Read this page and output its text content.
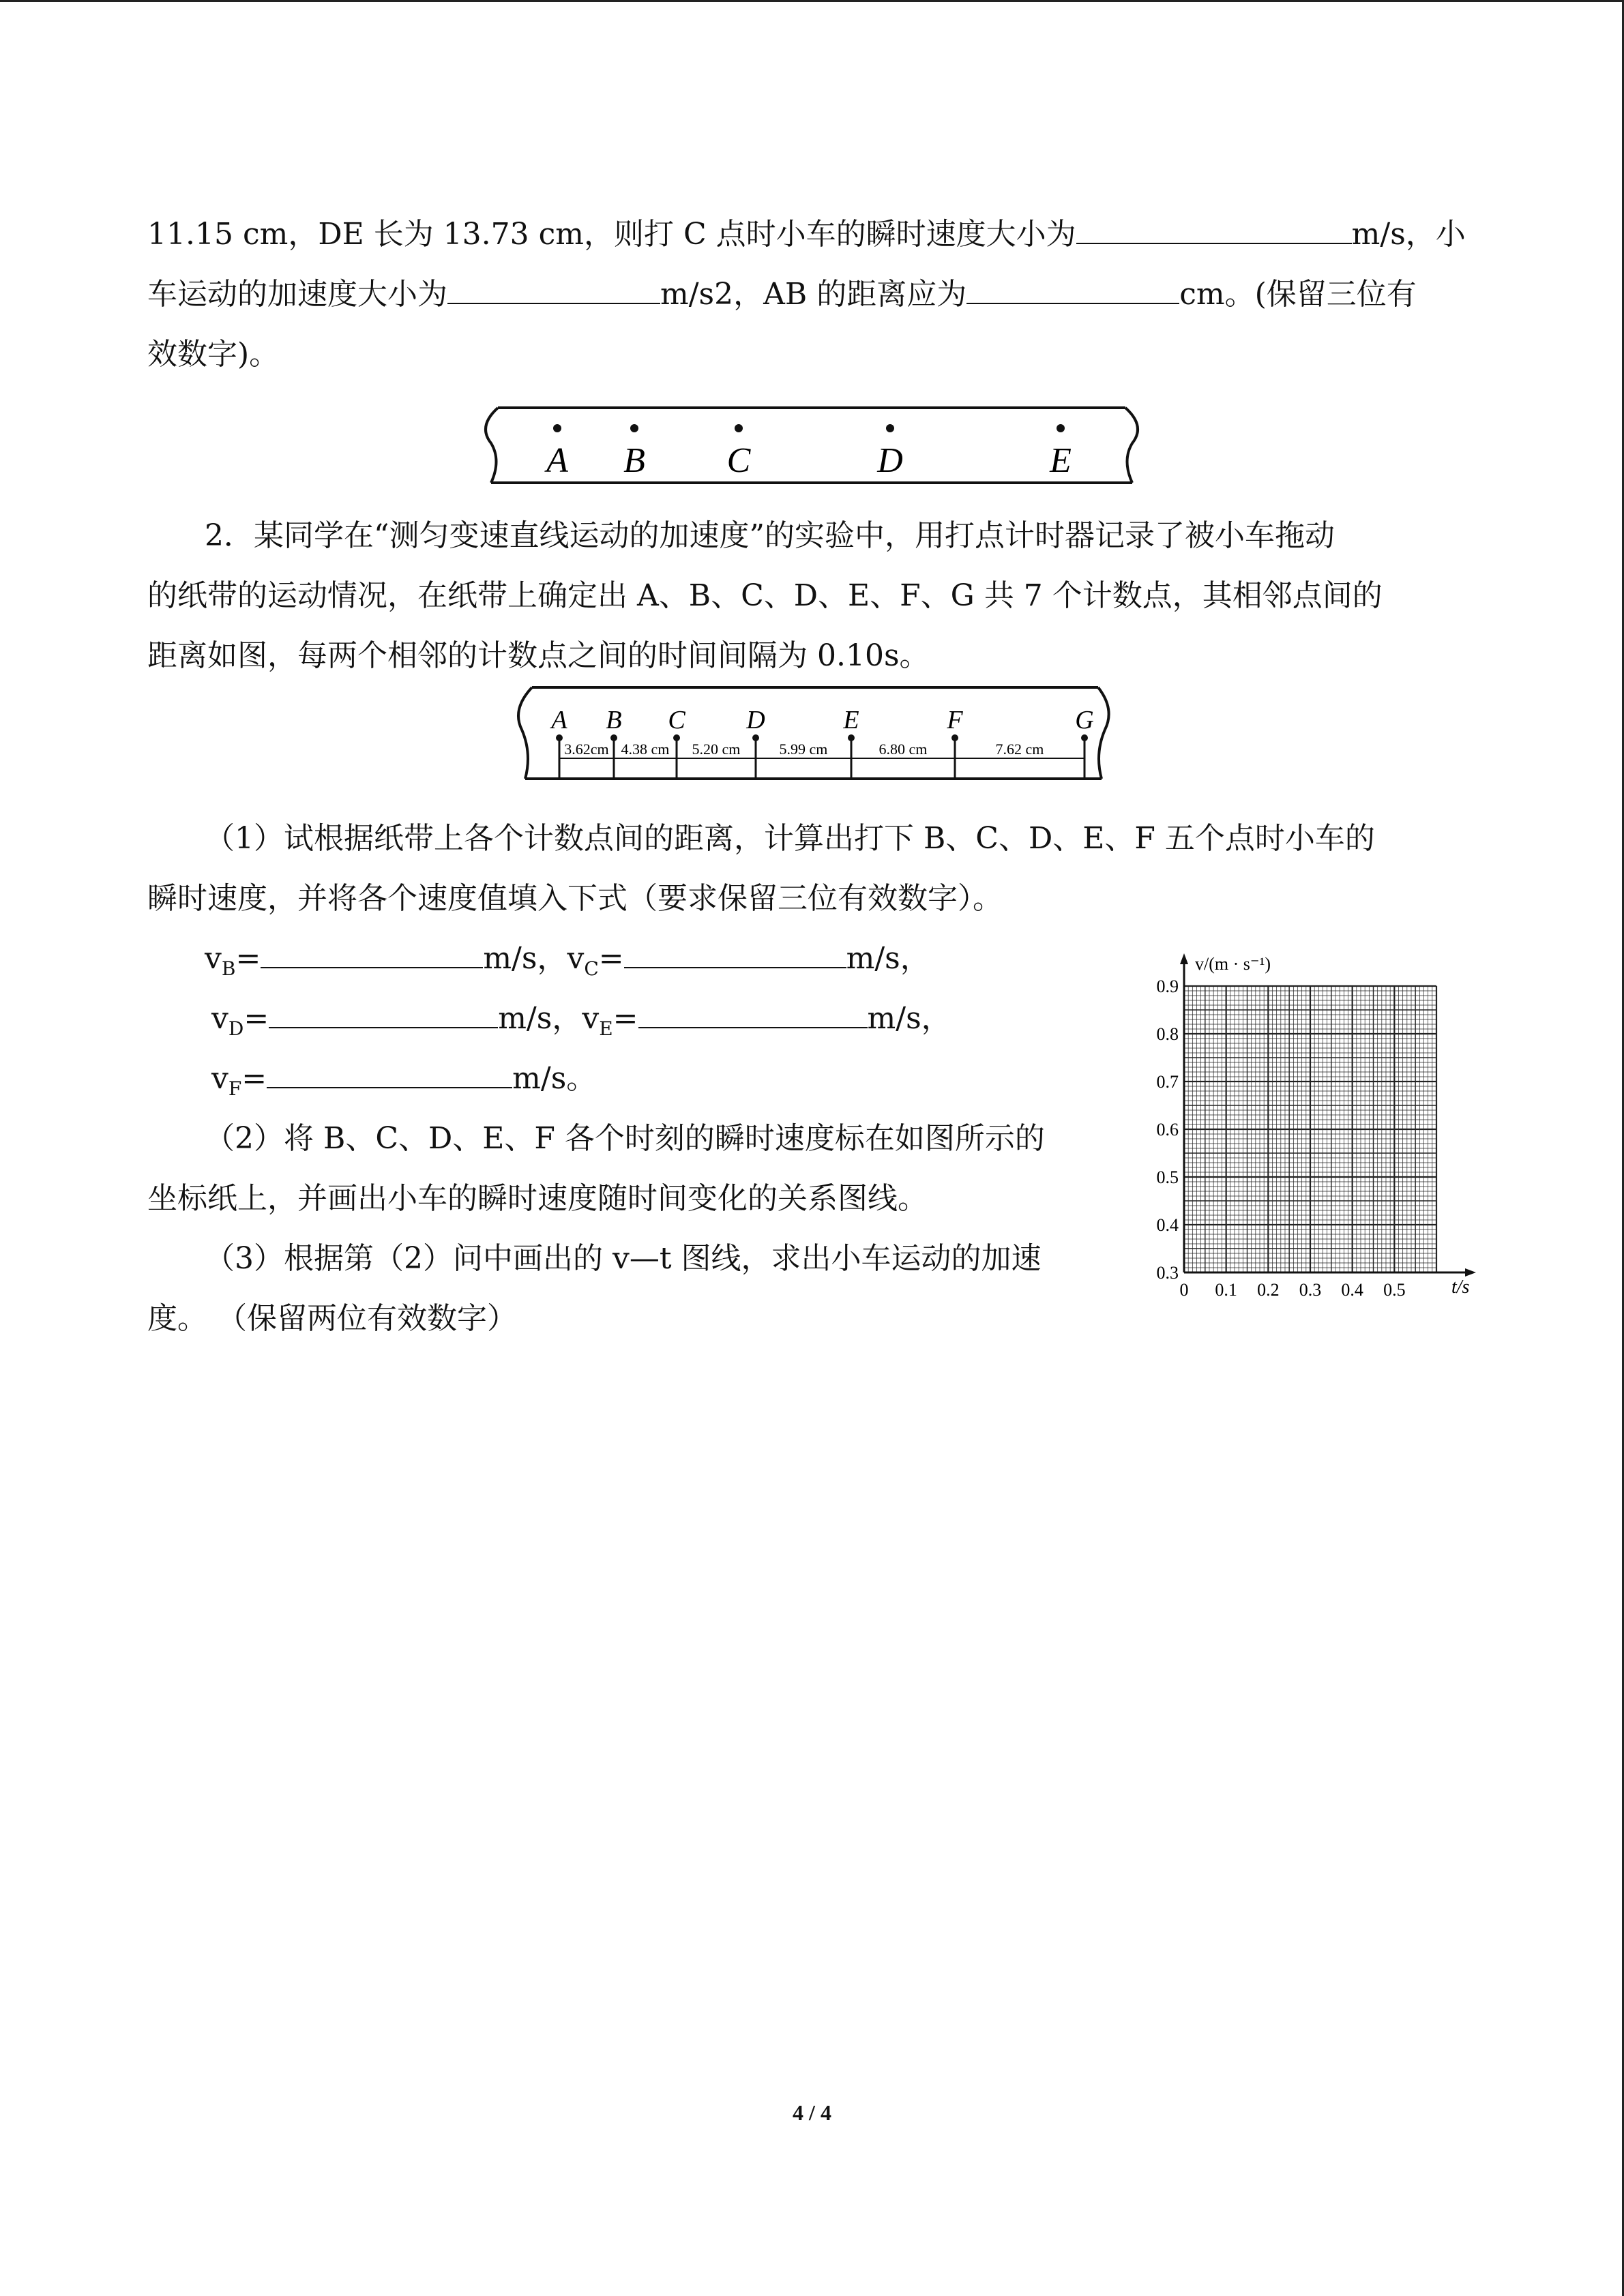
11.15 cm，DE 长为 13.73 cm，则打 C 点时小车的瞬时速度大小为	m/s，小
车运动的加速度大小为	m/s2，AB 的距离应为	cm。(保留三位有
效数字)。
A B C	D	E
2．某同学在“测匀变速直线运动的加速度”的实验中，用打点计时器记录了被小车拖动
的纸带的运动情况，在纸带上确定出 A、B、C、D、E、F、G 共 7 个计数点，其相邻点间的
距离如图，每两个相邻的计数点之间的时间间隔为 0.10s。
A B C D	E	F	G
3.62cm 4.38 cm 5.20 cm	5.99 cm	6.80 cm	7.62 cm
（1）试根据纸带上各个计数点间的距离，计算出打下 B、C、D、E、F 五个点时小车的
瞬时速度，并将各个速度值填入下式（要求保留三位有效数字）。
$v_B=$	m/s，$v_C=$	m/s，
$v_D=$	m/s，$v_E=$	m/s，
$v_F=$	m/s。
（2）将 B、C、D、E、F 各个时刻的瞬时速度标在如图所示的
坐标纸上，并画出小车的瞬时速度随时间变化的关系图线。
（3）根据第（2）问中画出的 v—t 图线，求出小车运动的加速
度。 （保留两位有效数字）
0 0.1 0.2 0.3 0.4 0.5
0.3
0.4
0.5
0.6
0.7
0.8
0.9
v/(m · s⁻¹)
t/s
4 / 4
